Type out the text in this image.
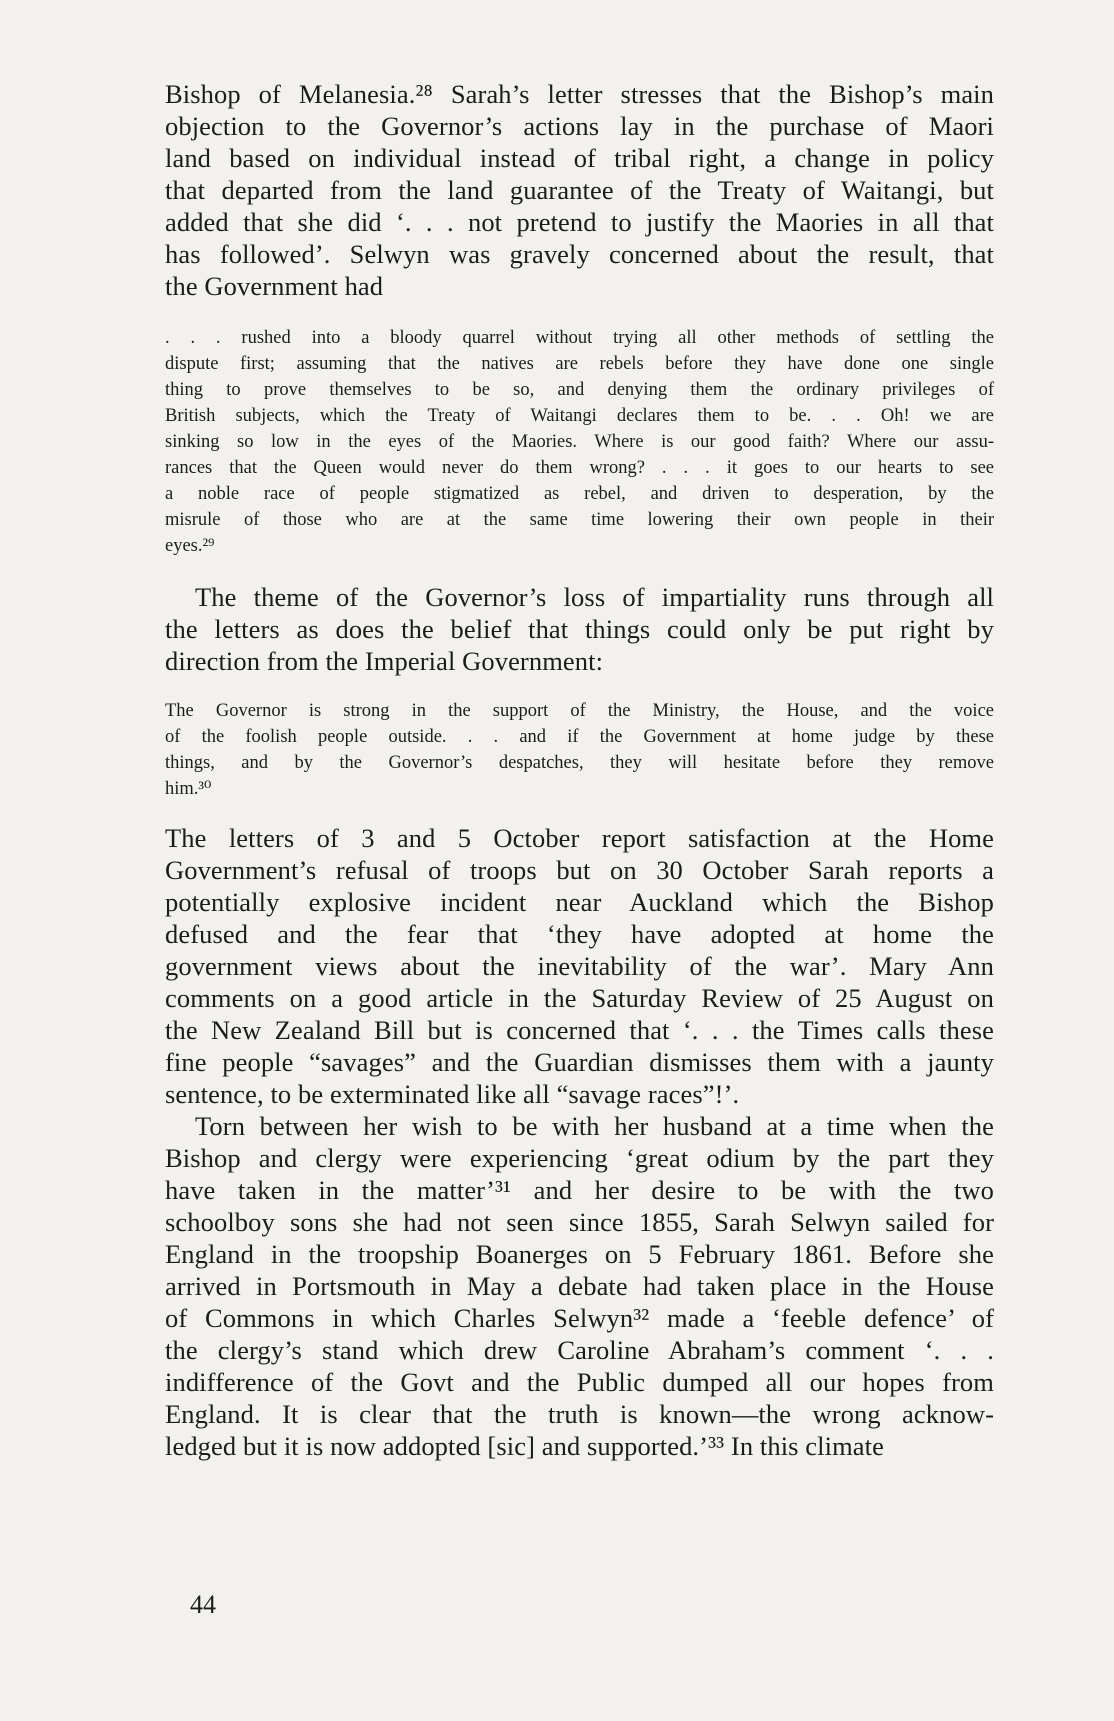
Bishop of Melanesia.²⁸ Sarah’s letter stresses that the Bishop’s main
objection to the Governor’s actions lay in the purchase of Maori
land based on individual instead of tribal right, a change in policy
that departed from the land guarantee of the Treaty of Waitangi, but
added that she did ‘. . . not pretend to justify the Maories in all that
has followed’. Selwyn was gravely concerned about the result, that
the Government had
. . . rushed into a bloody quarrel without trying all other methods of settling the
dispute first; assuming that the natives are rebels before they have done one single
thing to prove themselves to be so, and denying them the ordinary privileges of
British subjects, which the Treaty of Waitangi declares them to be. . . Oh! we are
sinking so low in the eyes of the Maories. Where is our good faith? Where our assu-
rances that the Queen would never do them wrong? . . . it goes to our hearts to see
a noble race of people stigmatized as rebel, and driven to desperation, by the
misrule of those who are at the same time lowering their own people in their
eyes.²⁹
The theme of the Governor’s loss of impartiality runs through all
the letters as does the belief that things could only be put right by
direction from the Imperial Government:
The Governor is strong in the support of the Ministry, the House, and the voice
of the foolish people outside. . . and if the Government at home judge by these
things, and by the Governor’s despatches, they will hesitate before they remove
him.³⁰
The letters of 3 and 5 October report satisfaction at the Home
Government’s refusal of troops but on 30 October Sarah reports a
potentially explosive incident near Auckland which the Bishop
defused and the fear that ‘they have adopted at home the
government views about the inevitability of the war’. Mary Ann
comments on a good article in the Saturday Review of 25 August on
the New Zealand Bill but is concerned that ‘. . . the Times calls these
fine people “savages” and the Guardian dismisses them with a jaunty
sentence, to be exterminated like all “savage races”!’.
Torn between her wish to be with her husband at a time when the
Bishop and clergy were experiencing ‘great odium by the part they
have taken in the matter’³¹ and her desire to be with the two
schoolboy sons she had not seen since 1855, Sarah Selwyn sailed for
England in the troopship Boanerges on 5 February 1861. Before she
arrived in Portsmouth in May a debate had taken place in the House
of Commons in which Charles Selwyn³² made a ‘feeble defence’ of
the clergy’s stand which drew Caroline Abraham’s comment ‘. . .
indifference of the Govt and the Public dumped all our hopes from
England. It is clear that the truth is known—the wrong acknow-
ledged but it is now addopted [sic] and supported.’³³ In this climate
44
